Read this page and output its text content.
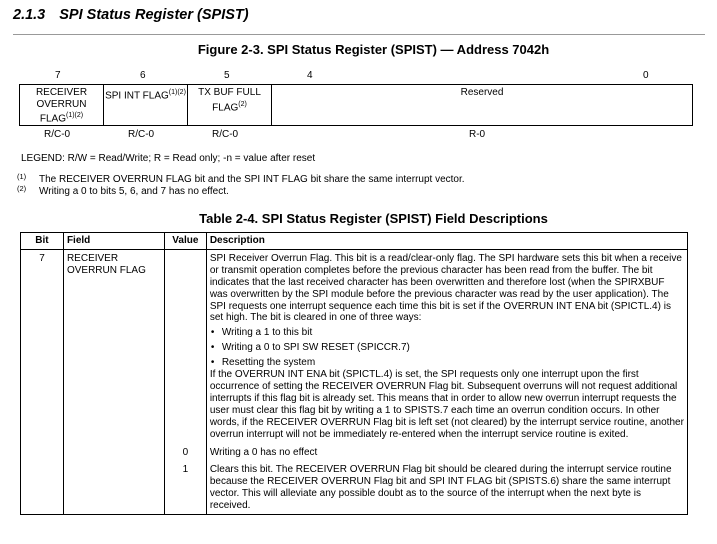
2.1.3 SPI Status Register (SPIST)
Figure 2-3. SPI Status Register (SPIST) — Address 7042h
7	6	5	4	0
RECEIVER OVERRUN $FLAG^{(1)(2)}$	SPI INT $FLAG^{(1)(2)}$	TX BUF FULL FLAG$^{(2)}$	Reserved
R/C-0	R/C-0	R/C-0	R-0
LEGEND: R/W = Read/Write; R = Read only; -n = value after reset
(1) The RECEIVER OVERRUN FLAG bit and the SPI INT FLAG bit share the same interrupt vector.
(2) Writing a 0 to bits 5, 6, and 7 has no effect.
Table 2-4. SPI Status Register (SPIST) Field Descriptions
Bit	Field	Value	Description
7	RECEIVER OVERRUN FLAG		SPI Receiver Overrun Flag. This bit is a read/clear-only flag. The SPI hardware sets this bit when a receive or transmit operation completes before the previous character has been read from the buffer. The bit indicates that the last received character has been overwritten and therefore lost (when the SPIRXBUF was overwritten by the SPI module before the previous character was read by the user application). The SPI requests one interrupt sequence each time this bit is set if the OVERRUN INT ENA bit (SPICTL.4) is set high. The bit is cleared in one of three ways:
• Writing a 1 to this bit
• Writing a 0 to SPI SW RESET (SPICCR.7)
• Resetting the system
If the OVERRUN INT ENA bit (SPICTL.4) is set, the SPI requests only one interrupt upon the first occurrence of setting the RECEIVER OVERRUN Flag bit. Subsequent overruns will not request additional interrupts if this flag bit is already set. This means that in order to allow new overrun interrupt requests the user must clear this flag bit by writing a 1 to SPISTS.7 each time an overrun condition occurs. In other words, if the RECEIVER OVERRUN Flag bit is left set (not cleared) by the interrupt service routine, another overrun interrupt will not be immediately re-entered when the interrupt service routine is exited.

		0	Writing a 0 has no effect
		1	Clears this bit. The RECEIVER OVERRUN Flag bit should be cleared during the interrupt service routine because the RECEIVER OVERRUN Flag bit and SPI INT FLAG bit (SPISTS.6) share the same interrupt vector. This will alleviate any possible doubt as to the source of the interrupt when the next byte is received.
